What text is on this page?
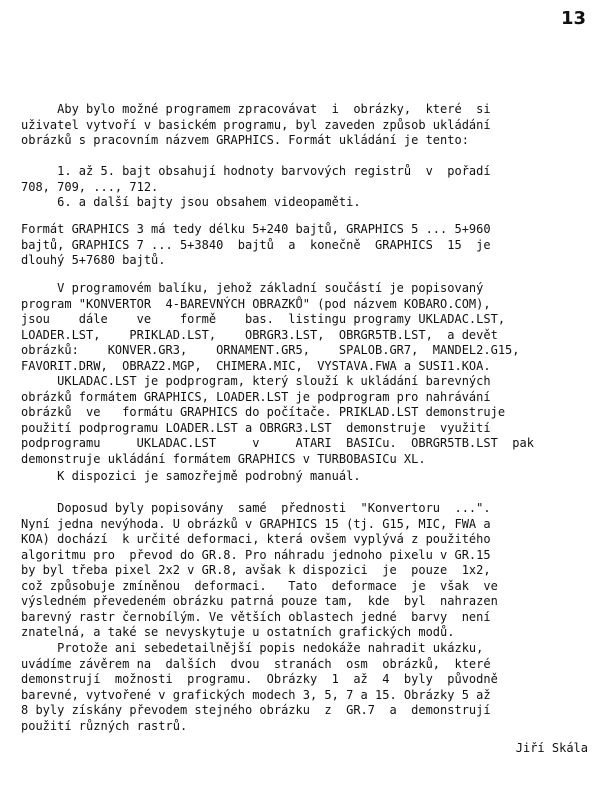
13
Aby bylo možné programem zpracovávat  i  obrázky,  které  si
uživatel vytvoří v basickém programu, byl zaveden způsob ukládání
obrázků s pracovním názvem GRAPHICS. Formát ukládání je tento:
1. až 5. bajt obsahují hodnoty barvových registrů  v  pořadí
708, 709, ..., 712.
6. a další bajty jsou obsahem videopaměti.
Formát GRAPHICS 3 má tedy délku 5+240 bajtů, GRAPHICS 5 ... 5+960
bajtů, GRAPHICS 7 ... 5+3840  bajtů  a  konečně  GRAPHICS  15  je
dlouhý 5+7680 bajtů.
V programovém balíku, jehož základní součástí je popisovaný
program "KONVERTOR  4-BAREVNÝCH OBRAZKŮ" (pod názvem KOBARO.COM),
jsou    dále    ve    formě    bas.  listingu programy UKLADAC.LST,
LOADER.LST,    PRIKLAD.LST,    OBRGR3.LST,  OBRGR5TB.LST,  a devět
obrázků:    KONVER.GR3,    ORNAMENT.GR5,    SPALOB.GR7,  MANDEL2.G15,
FAVORIT.DRW,  OBRAZ2.MGP,  CHIMERA.MIC,  VYSTAVA.FWA a SUSI1.KOA.
UKLADAC.LST je podprogram, který slouží k ukládání barevných
obrázků formátem GRAPHICS, LOADER.LST je podprogram pro nahrávání
obrázků  ve   formátu GRAPHICS do počítače. PRIKLAD.LST demonstruje
použití podprogramu LOADER.LST a OBRGR3.LST  demonstruje  využití
podprogramu     UKLADAC.LST     v     ATARI  BASICu.  OBRGR5TB.LST  pak
demonstruje ukládání formátem GRAPHICS v TURBOBASICu XL.
K dispozici je samozřejmě podrobný manuál.
Doposud byly popisovány  samé  přednosti  "Konvertoru  ...".
Nyní jedna nevýhoda. U obrázků v GRAPHICS 15 (tj. G15, MIC, FWA a
KOA) dochází  k určité deformaci, která ovšem vyplývá z použitého
algoritmu pro  převod do GR.8. Pro náhradu jednoho pixelu v GR.15
by byl třeba pixel 2x2 v GR.8, avšak k dispozici  je  pouze  1x2,
což způsobuje zmíněnou  deformaci.   Tato  deformace  je  však  ve
výsledném převedeném obrázku patrná pouze tam,  kde  byl  nahrazen
barevný rastr černobílým. Ve větších oblastech jedné  barvy  není
znatelná, a také se nevyskytuje u ostatních grafických modů.
Protože ani sebedetailnější popis nedokáže nahradit ukázku,
uvádíme závěrem na  dalších  dvou  stranách  osm  obrázků,  které
demonstrují  možnosti  programu.  Obrázky  1  až  4  byly  původně
barevné, vytvořené v grafických modech 3, 5, 7 a 15. Obrázky 5 až
8 byly získány převodem stejného obrázku  z  GR.7  a  demonstrují
použití různých rastrů.
Jiří Skála
